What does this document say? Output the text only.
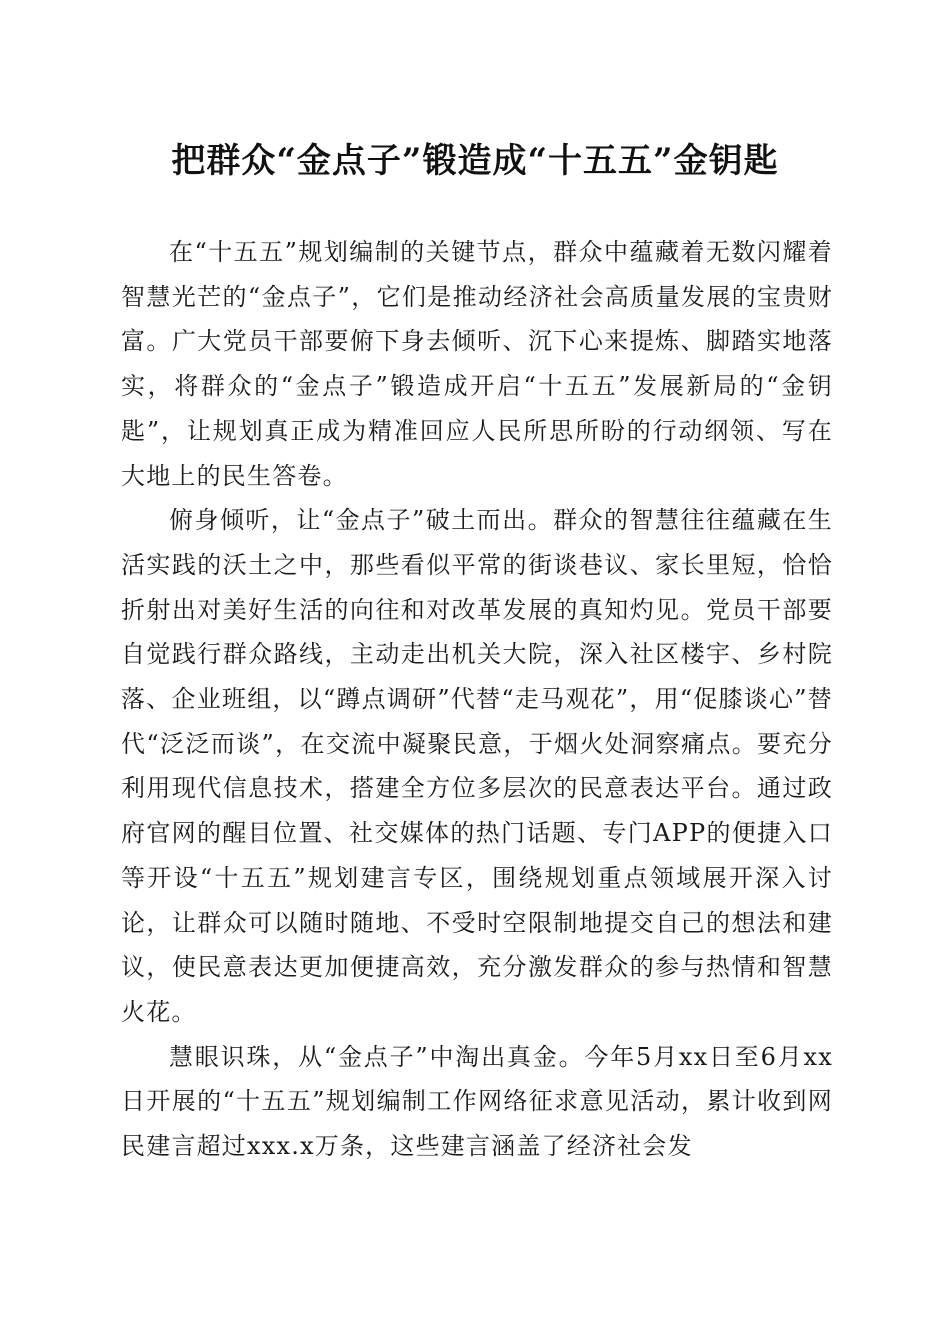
把群众“金点子”锻造成“十五五”金钥匙

在“十五五”规划编制的关键节点，群众中蕴藏着无数闪耀着智慧光芒的“金点子”，它们是推动经济社会高质量发展的宝贵财富。广大党员干部要俯下身去倾听、沉下心来提炼、脚踏实地落实，将群众的“金点子”锻造成开启“十五五”发展新局的“金钥匙”，让规划真正成为精准回应人民所思所盼的行动纲领、写在大地上的民生答卷。

俯身倾听，让“金点子”破土而出。群众的智慧往往蕴藏在生活实践的沃土之中，那些看似平常的街谈巷议、家长里短，恰恰折射出对美好生活的向往和对改革发展的真知灼见。党员干部要自觉践行群众路线，主动走出机关大院，深入社区楼宇、乡村院落、企业班组，以“蹲点调研”代替“走马观花”，用“促膝谈心”替代“泛泛而谈”，在交流中凝聚民意，于烟火处洞察痛点。要充分利用现代信息技术，搭建全方位多层次的民意表达平台。通过政府官网的醒目位置、社交媒体的热门话题、专门APP的便捷入口等开设“十五五”规划建言专区，围绕规划重点领域展开深入讨论，让群众可以随时随地、不受时空限制地提交自己的想法和建议，使民意表达更加便捷高效，充分激发群众的参与热情和智慧火花。

慧眼识珠，从“金点子”中淘出真金。今年5月xx日至6月xx日开展的“十五五”规划编制工作网络征求意见活动，累计收到网民建言超过xxx.x万条，这些建言涵盖了经济社会发
